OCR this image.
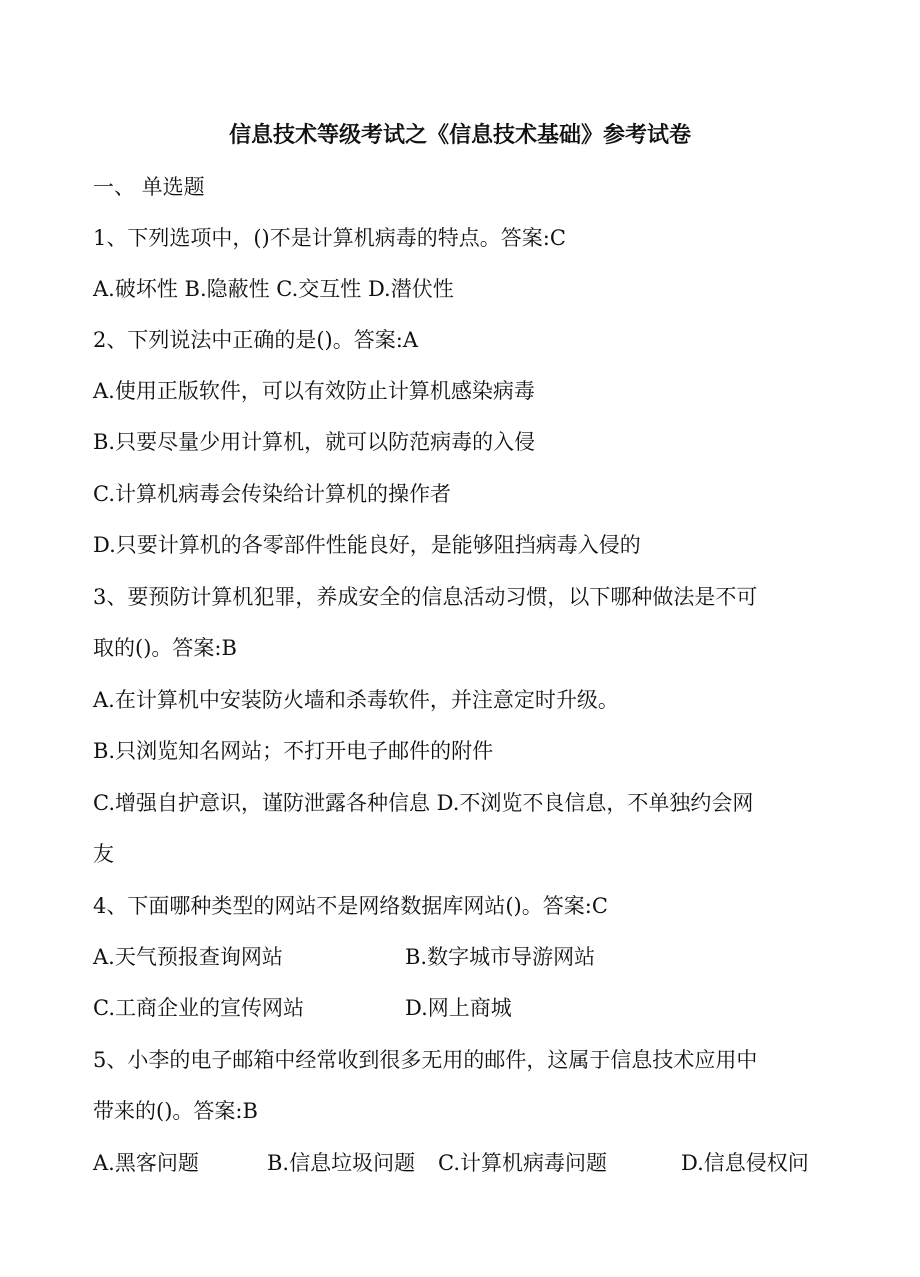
信息技术等级考试之《信息技术基础》参考试卷
一、 单选题
1、下列选项中，()不是计算机病毒的特点。答案:C
A.破坏性 B.隐蔽性 C.交互性 D.潜伏性
2、下列说法中正确的是()。答案:A
A.使用正版软件，可以有效防止计算机感染病毒
B.只要尽量少用计算机，就可以防范病毒的入侵
C.计算机病毒会传染给计算机的操作者
D.只要计算机的各零部件性能良好，是能够阻挡病毒入侵的
3、要预防计算机犯罪，养成安全的信息活动习惯，以下哪种做法是不可
取的()。答案:B
A.在计算机中安装防火墙和杀毒软件，并注意定时升级。
B.只浏览知名网站；不打开电子邮件的附件
C.增强自护意识，谨防泄露各种信息 D.不浏览不良信息，不单独约会网
友
4、下面哪种类型的网站不是网络数据库网站()。答案:C
A.天气预报查询网站	B.数字城市导游网站
C.工商企业的宣传网站	D.网上商城
5、小李的电子邮箱中经常收到很多无用的邮件，这属于信息技术应用中
带来的()。答案:B
A.黑客问题	B.信息垃圾问题 C.计算机病毒问题	D.信息侵权问
